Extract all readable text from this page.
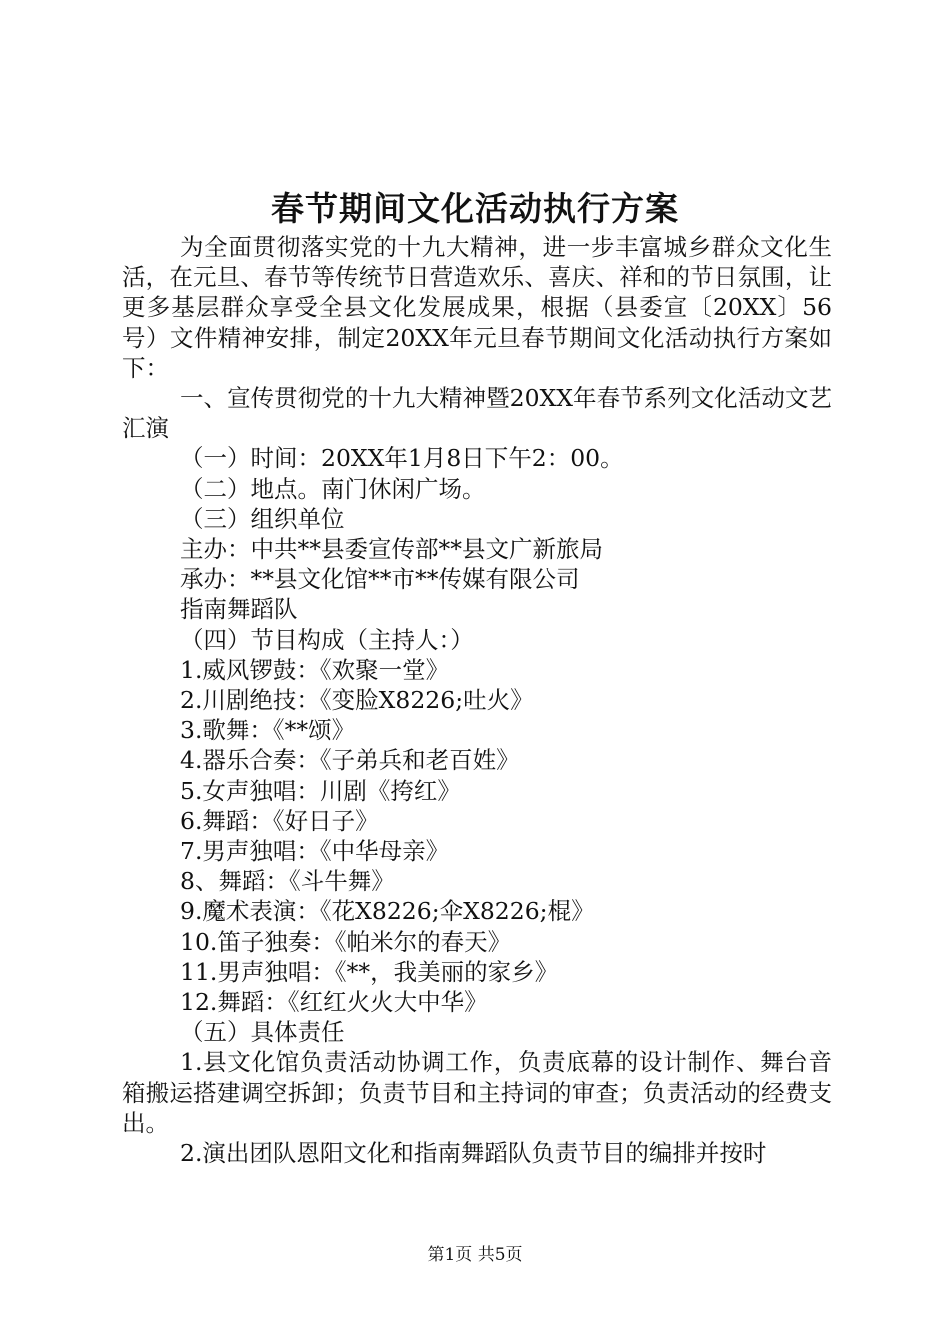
春节期间文化活动执行方案

为全面贯彻落实党的十九大精神，进一步丰富城乡群众文化生活，在元旦、春节等传统节日营造欢乐、喜庆、祥和的节日氛围，让更多基层群众享受全县文化发展成果，根据（县委宣〔20XX〕56号）文件精神安排，制定20XX年元旦春节期间文化活动执行方案如下：

一、宣传贯彻党的十九大精神暨20XX年春节系列文化活动文艺汇演

（一）时间：20XX年1月8日下午2：00。

（二）地点。南门休闲广场。

（三）组织单位

主办：中共**县委宣传部**县文广新旅局

承办：**县文化馆**市**传媒有限公司

指南舞蹈队

（四）节目构成（主持人：）

1.威风锣鼓：《欢聚一堂》

2.川剧绝技：《变脸X8226;吐火》

3.歌舞：《**颂》

4.器乐合奏：《子弟兵和老百姓》

5.女声独唱：川剧《挎红》

6.舞蹈：《好日子》

7.男声独唱：《中华母亲》

8、舞蹈：《斗牛舞》

9.魔术表演：《花X8226;伞X8226;棍》

10.笛子独奏：《帕米尔的春天》

11.男声独唱：《**，我美丽的家乡》

12.舞蹈：《红红火火大中华》

（五）具体责任

1.县文化馆负责活动协调工作，负责底幕的设计制作、舞台音箱搬运搭建调空拆卸；负责节目和主持词的审查；负责活动的经费支出。

2.演出团队恩阳文化和指南舞蹈队负责节目的编排并按时

第1页 共5页
